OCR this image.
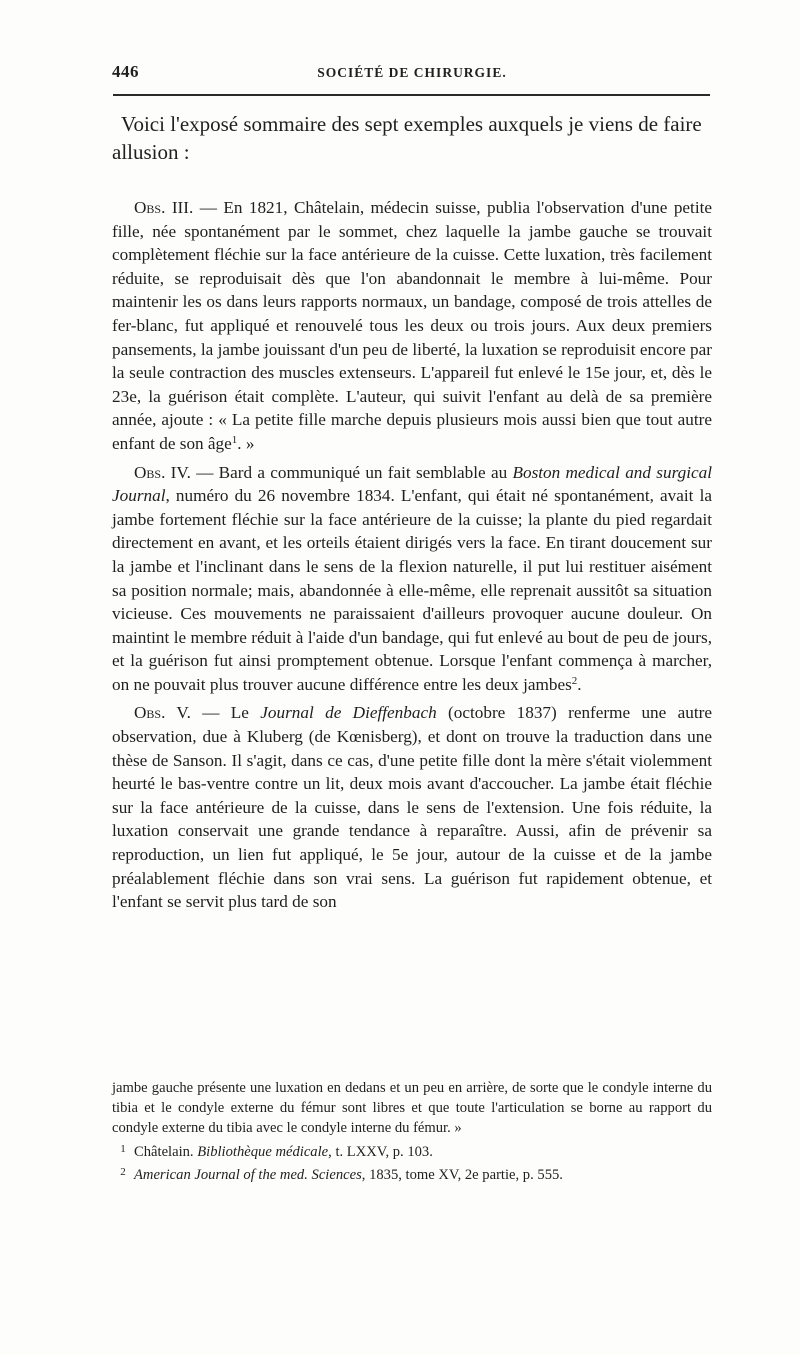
446	SOCIÉTÉ DE CHIRURGIE.

Voici l'exposé sommaire des sept exemples auxquels je viens de faire allusion :

Obs. III. — En 1821, Châtelain, médecin suisse, publia l'observation d'une petite fille, née spontanément par le sommet, chez laquelle la jambe gauche se trouvait complètement fléchie sur la face antérieure de la cuisse. Cette luxation, très facilement réduite, se reproduisait dès que l'on abandonnait le membre à lui-même. Pour maintenir les os dans leurs rapports normaux, un bandage, composé de trois attelles de fer-blanc, fut appliqué et renouvelé tous les deux ou trois jours. Aux deux premiers pansements, la jambe jouissant d'un peu de liberté, la luxation se reproduisit encore par la seule contraction des muscles extenseurs. L'appareil fut enlevé le 15e jour, et, dès le 23e, la guérison était complète. L'auteur, qui suivit l'enfant au delà de sa première année, ajoute : « La petite fille marche depuis plusieurs mois aussi bien que tout autre enfant de son âge$^1$. »

Obs. IV. — Bard a communiqué un fait semblable au Boston medical and surgical Journal, numéro du 26 novembre 1834. L'enfant, qui était né spontanément, avait la jambe fortement fléchie sur la face antérieure de la cuisse; la plante du pied regardait directement en avant, et les orteils étaient dirigés vers la face. En tirant doucement sur la jambe et l'inclinant dans le sens de la flexion naturelle, il put lui restituer aisément sa position normale; mais, abandonnée à elle-même, elle reprenait aussitôt sa situation vicieuse. Ces mouvements ne paraissaient d'ailleurs provoquer aucune douleur. On maintint le membre réduit à l'aide d'un bandage, qui fut enlevé au bout de peu de jours, et la guérison fut ainsi promptement obtenue. Lorsque l'enfant commença à marcher, on ne pouvait plus trouver aucune différence entre les deux jambes$^2$.

Obs. V. — Le Journal de Dieffenbach (octobre 1837) renferme une autre observation, due à Kluberg (de Kœnisberg), et dont on trouve la traduction dans une thèse de Sanson. Il s'agit, dans ce cas, d'une petite fille dont la mère s'était violemment heurté le bas-ventre contre un lit, deux mois avant d'accoucher. La jambe était fléchie sur la face antérieure de la cuisse, dans le sens de l'extension. Une fois réduite, la luxation conservait une grande tendance à reparaître. Aussi, afin de prévenir sa reproduction, un lien fut appliqué, le 5e jour, autour de la cuisse et de la jambe préalablement fléchie dans son vrai sens. La guérison fut rapidement obtenue, et l'enfant se servit plus tard de son

jambe gauche présente une luxation en dedans et un peu en arrière, de sorte que le condyle interne du tibia et le condyle externe du fémur sont libres et que toute l'articulation se borne au rapport du condyle externe du tibia avec le condyle interne du fémur. »

1 Châtelain. Bibliothèque médicale, t. LXXV, p. 103.

2 American Journal of the med. Sciences, 1835, tome XV, 2e partie, p. 555.
